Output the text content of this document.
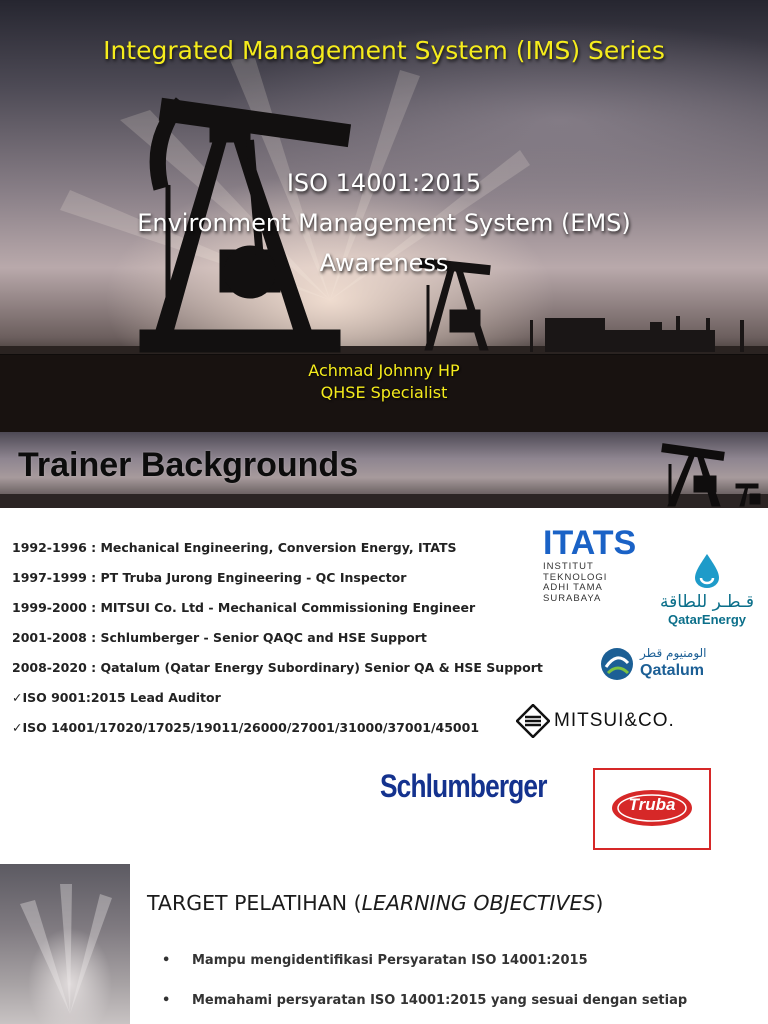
Integrated Management System (IMS) Series
ISO 14001:2015
Environment Management System (EMS)
Awareness
Achmad Johnny HP
QHSE Specialist
Trainer Backgrounds
1992-1996 : Mechanical Engineering, Conversion Energy, ITATS
1997-1999 : PT Truba Jurong Engineering - QC Inspector
1999-2000 : MITSUI Co. Ltd - Mechanical Commissioning Engineer
2001-2008 : Schlumberger - Senior QAQC and HSE Support
2008-2020 : Qatalum (Qatar Energy Subordinary) Senior QA & HSE Support
✓ISO 9001:2015 Lead Auditor
✓ISO 14001/17020/17025/19011/26000/27001/31000/37001/45001
ITATS
INSTITUT
TEKNOLOGI
ADHI TAMA
SURABAYA	قـطـر للطاقة
QatarEnergy
الومنيوم قطر
Qatalum
MITSUI&CO.
Schlumberger
Truba
TARGET PELATIHAN (LEARNING OBJECTIVES)
• Mampu mengidentifikasi Persyaratan ISO 14001:2015
• Memahami persyaratan ISO 14001:2015 yang sesuai dengan setiap
